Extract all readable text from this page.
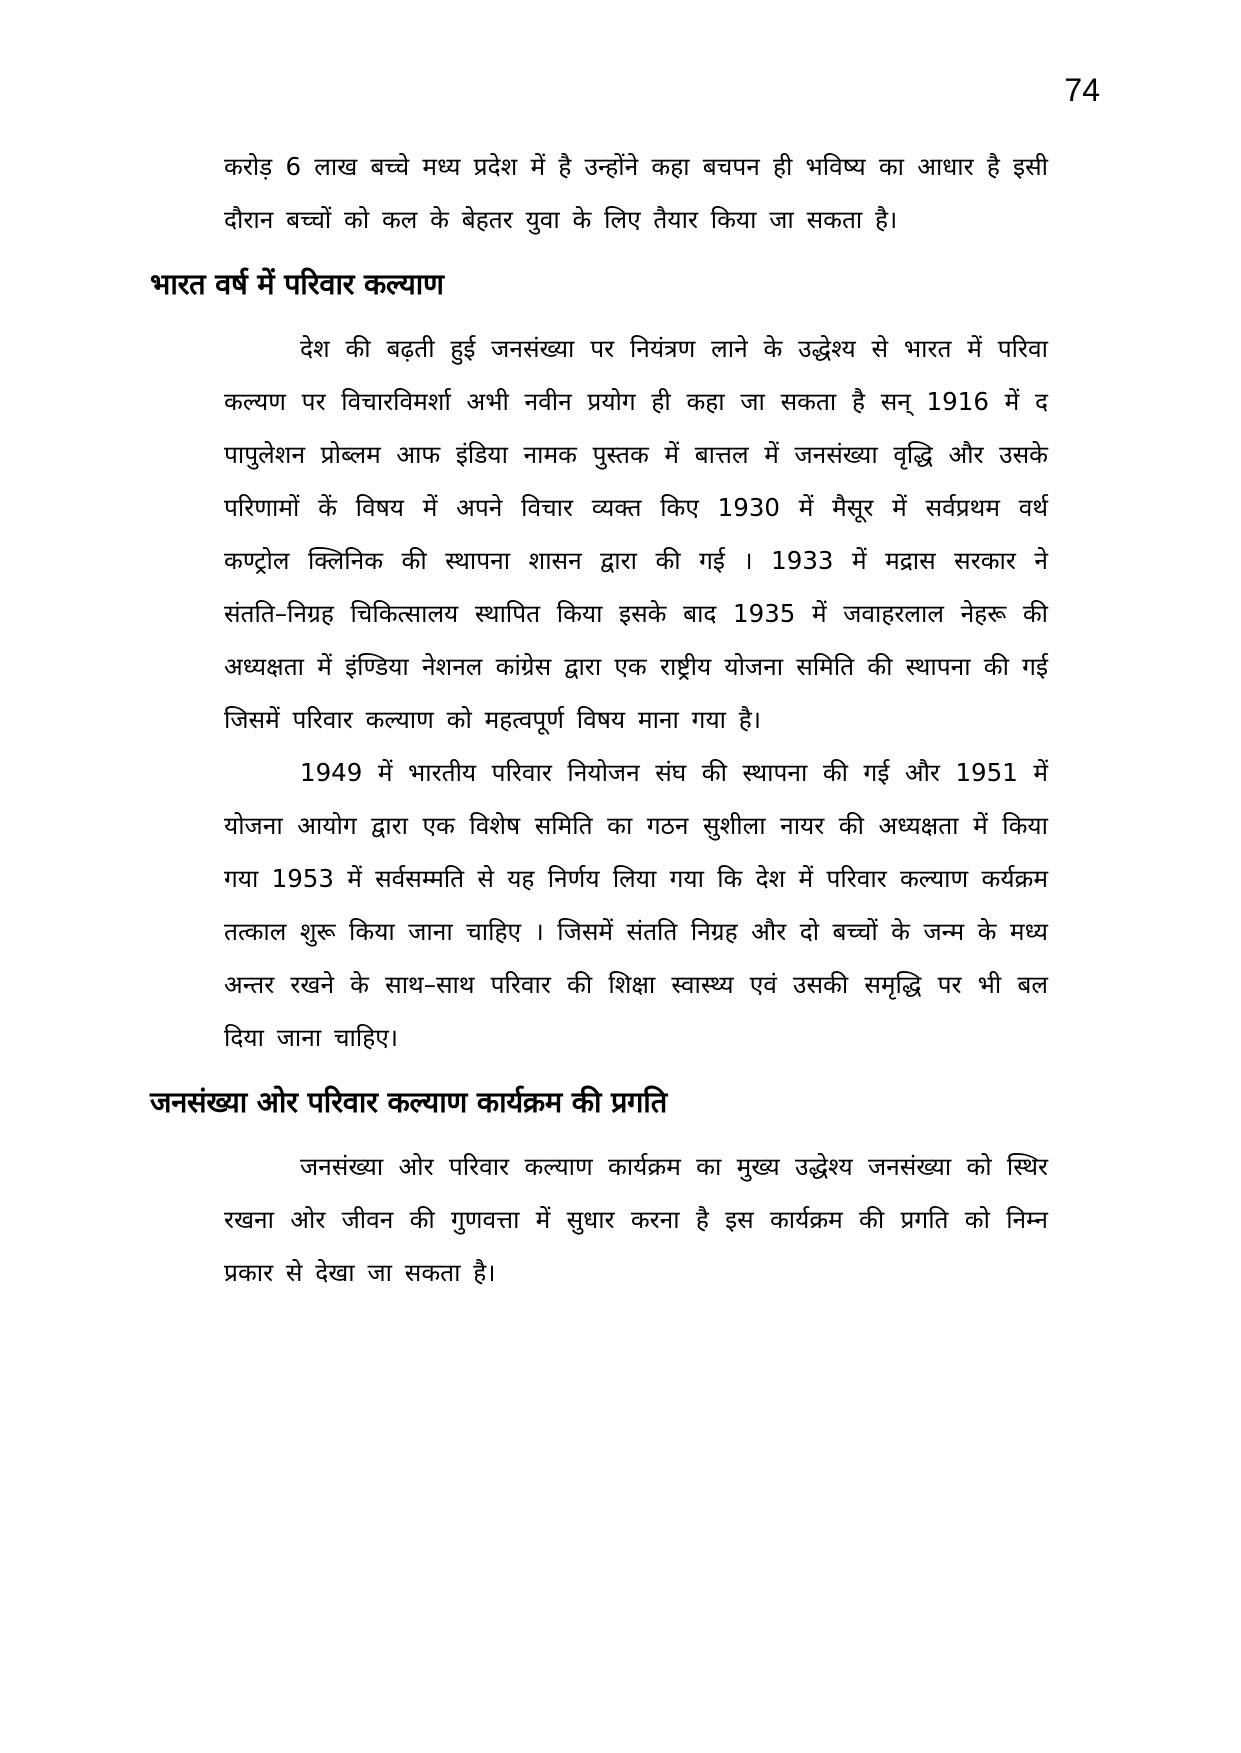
74

करोड़ 6 लाख बच्चे मध्य प्रदेश में है उन्होंने कहा बचपन ही भविष्य का आधार है इसी दौरान बच्चों को कल के बेहतर युवा के लिए तैयार किया जा सकता है।

भारत वर्ष में परिवार कल्याण

देश की बढ़ती हुई जनसंख्या पर नियंत्रण लाने के उद्धेश्य से भारत में परिवा कल्यण पर विचारविमर्शा अभी नवीन प्रयोग ही कहा जा सकता है सन् 1916 में द पापुलेशन प्रोब्लम आफ इंडिया नामक पुस्तक में बात्तल में जनसंख्या वृद्धि और उसके परिणामों कें विषय में अपने विचार व्यक्त किए 1930 में मैसूर में सर्वप्रथम वर्थ कण्ट्रोल क्लिनिक की स्थापना शासन द्वारा की गई । 1933 में मद्रास सरकार ने संतति–निग्रह चिकित्सालय स्थापित किया इसके बाद 1935 में जवाहरलाल नेहरू की अध्यक्षता में इंण्डिया नेशनल कांग्रेस द्वारा एक राष्ट्रीय योजना समिति की स्थापना की गई जिसमें परिवार कल्याण को महत्वपूर्ण विषय माना गया है।

1949 में भारतीय परिवार नियोजन संघ की स्थापना की गई और 1951 में योजना आयोग द्वारा एक विशेष समिति का गठन सुशीला नायर की अध्यक्षता में किया गया 1953 में सर्वसम्मति से यह निर्णय लिया गया कि देश में परिवार कल्याण कर्यक्रम तत्काल शुरू किया जाना चाहिए । जिसमें संतति निग्रह और दो बच्चों के जन्म के मध्य अन्तर रखने के साथ–साथ परिवार की शिक्षा स्वास्थ्य एवं उसकी समृद्धि पर भी बल दिया जाना चाहिए।

जनसंख्या ओर परिवार कल्याण कार्यक्रम की प्रगति

जनसंख्या ओर परिवार कल्याण कार्यक्रम का मुख्य उद्धेश्य जनसंख्या को स्थिर रखना ओर जीवन की गुणवत्ता में सुधार करना है इस कार्यक्रम की प्रगति को निम्न प्रकार से देखा जा सकता है।
